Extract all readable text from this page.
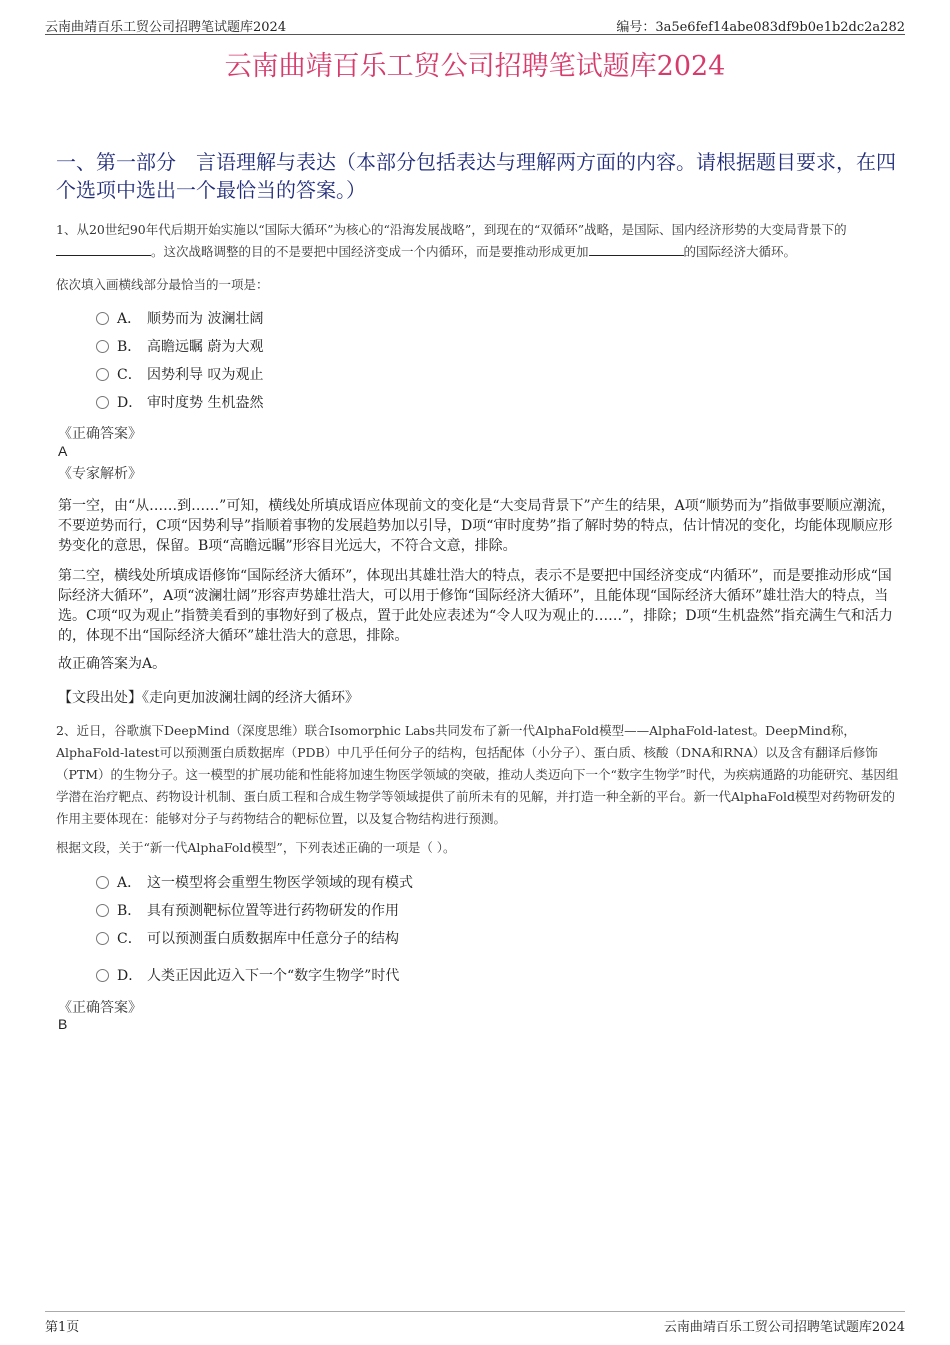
云南曲靖百乐工贸公司招聘笔试题库2024	编号：3a5e6fef14abe083df9b0e1b2dc2a282
云南曲靖百乐工贸公司招聘笔试题库2024
一、第一部分　言语理解与表达（本部分包括表达与理解两方面的内容。请根据题目要求，在四个选项中选出一个最恰当的答案。）
1、从20世纪90年代后期开始实施以“国际大循环”为核心的“沿海发展战略”，到现在的“双循环”战略，是国际、国内经济形势的大变局背景下的。这次战略调整的目的不是要把中国经济变成一个内循环，而是要推动形成更加	的国际经济大循环。
依次填入画横线部分最恰当的一项是：
A． 顺势而为 波澜壮阔
B． 高瞻远瞩 蔚为大观
C． 因势利导 叹为观止
D． 审时度势 生机盎然
《正确答案》
A
《专家解析》
第一空，由“从……到……”可知，横线处所填成语应体现前文的变化是“大变局背景下”产生的结果，A项“顺势而为”指做事要顺应潮流，不要逆势而行，C项“因势利导”指顺着事物的发展趋势加以引导，D项“审时度势”指了解时势的特点，估计情况的变化，均能体现顺应形势变化的意思，保留。B项“高瞻远瞩”形容目光远大，不符合文意，排除。
第二空，横线处所填成语修饰“国际经济大循环”，体现出其雄壮浩大的特点，表示不是要把中国经济变成“内循环”，而是要推动形成“国际经济大循环”，A项“波澜壮阔”形容声势雄壮浩大，可以用于修饰“国际经济大循环”，且能体现“国际经济大循环”雄壮浩大的特点，当选。C项“叹为观止”指赞美看到的事物好到了极点，置于此处应表述为“令人叹为观止的……”，排除；D项“生机盎然”指充满生气和活力的，体现不出“国际经济大循环”雄壮浩大的意思，排除。
故正确答案为A。
【文段出处】《走向更加波澜壮阔的经济大循环》
2、近日，谷歌旗下DeepMind（深度思维）联合Isomorphic Labs共同发布了新一代AlphaFold模型——AlphaFold-latest。DeepMind称，AlphaFold-latest可以预测蛋白质数据库（PDB）中几乎任何分子的结构，包括配体（小分子）、蛋白质、核酸（DNA和RNA）以及含有翻译后修饰（PTM）的生物分子。这一模型的扩展功能和性能将加速生物医学领域的突破，推动人类迈向下一个“数字生物学”时代，为疾病通路的功能研究、基因组学潜在治疗靶点、药物设计机制、蛋白质工程和合成生物学等领域提供了前所未有的见解，并打造一种全新的平台。新一代AlphaFold模型对药物研发的作用主要体现在：能够对分子与药物结合的靶标位置，以及复合物结构进行预测。
根据文段，关于“新一代AlphaFold模型”，下列表述正确的一项是（ ）。
A． 这一模型将会重塑生物医学领域的现有模式
B． 具有预测靶标位置等进行药物研发的作用
C． 可以预测蛋白质数据库中任意分子的结构
D． 人类正因此迈入下一个“数字生物学”时代
《正确答案》
B
第1页	云南曲靖百乐工贸公司招聘笔试题库2024
